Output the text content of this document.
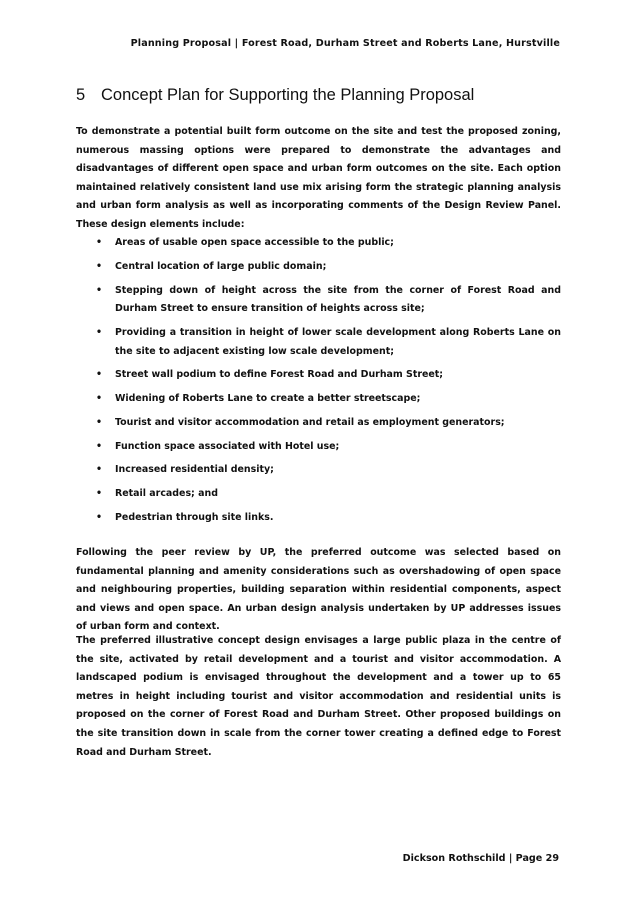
Planning Proposal | Forest Road, Durham Street and Roberts Lane, Hurstville
5 Concept Plan for Supporting the Planning Proposal

To demonstrate a potential built form outcome on the site and test the proposed zoning, numerous massing options were prepared to demonstrate the advantages and disadvantages of different open space and urban form outcomes on the site. Each option maintained relatively consistent land use mix arising form the strategic planning analysis and urban form analysis as well as incorporating comments of the Design Review Panel. These design elements include:

• Areas of usable open space accessible to the public;
• Central location of large public domain;
• Stepping down of height across the site from the corner of Forest Road and Durham Street to ensure transition of heights across site;
• Providing a transition in height of lower scale development along Roberts Lane on the site to adjacent existing low scale development;
• Street wall podium to define Forest Road and Durham Street;
• Widening of Roberts Lane to create a better streetscape;
• Tourist and visitor accommodation and retail as employment generators;
• Function space associated with Hotel use;
• Increased residential density;
• Retail arcades; and
• Pedestrian through site links.

Following the peer review by UP, the preferred outcome was selected based on fundamental planning and amenity considerations such as overshadowing of open space and neighbouring properties, building separation within residential components, aspect and views and open space. An urban design analysis undertaken by UP addresses issues of urban form and context.

The preferred illustrative concept design envisages a large public plaza in the centre of the site, activated by retail development and a tourist and visitor accommodation. A landscaped podium is envisaged throughout the development and a tower up to 65 metres in height including tourist and visitor accommodation and residential units is proposed on the corner of Forest Road and Durham Street. Other proposed buildings on the site transition down in scale from the corner tower creating a defined edge to Forest Road and Durham Street.

Dickson Rothschild | Page 29
